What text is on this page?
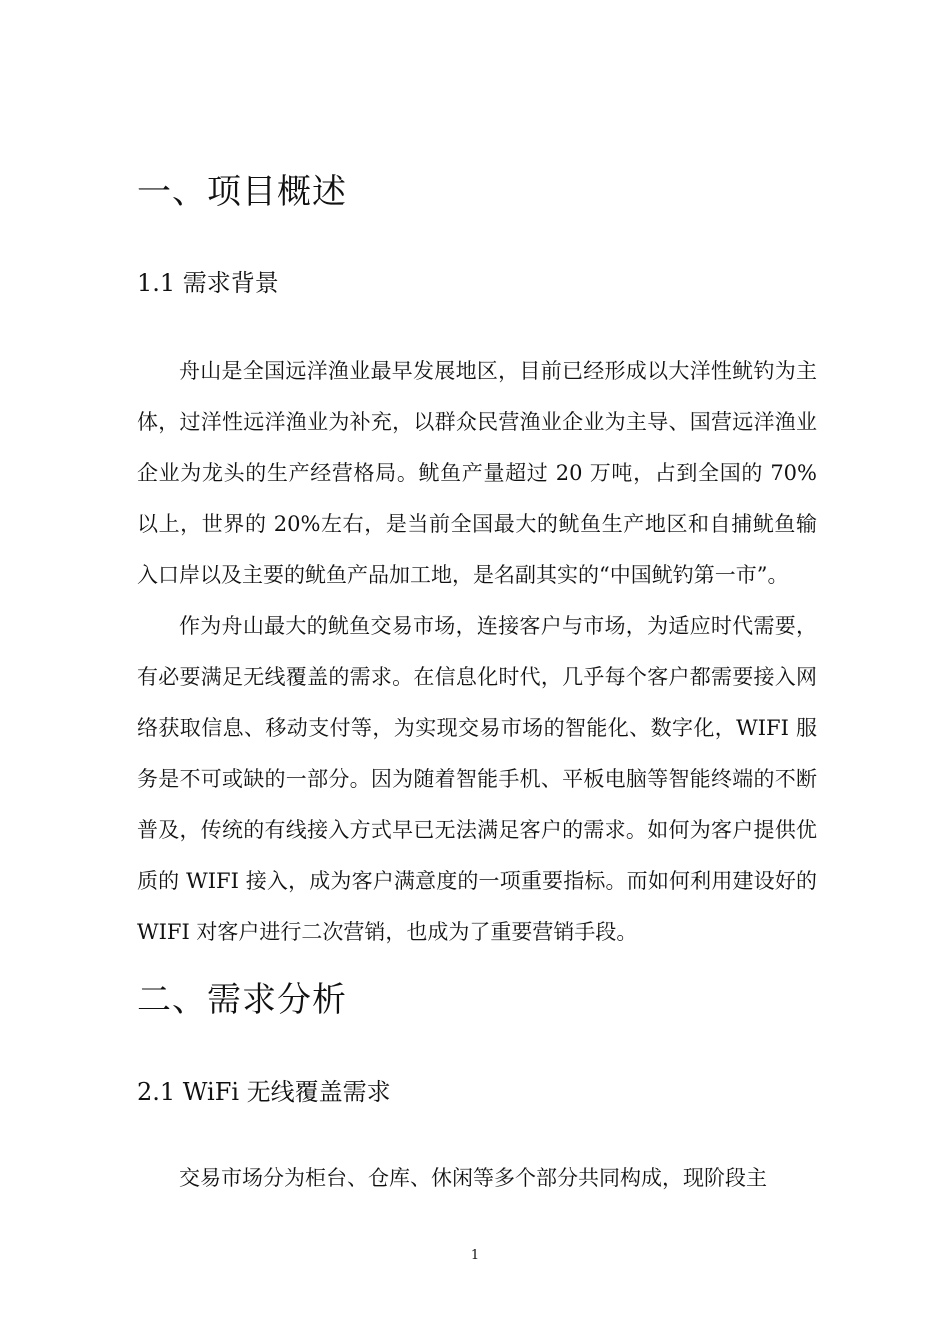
一、项目概述
1.1 需求背景

舟山是全国远洋渔业最早发展地区，目前已经形成以大洋性鱿钓为主体，过洋性远洋渔业为补充，以群众民营渔业企业为主导、国营远洋渔业企业为龙头的生产经营格局。鱿鱼产量超过 20 万吨，占到全国的 70%以上，世界的 20%左右，是当前全国最大的鱿鱼生产地区和自捕鱿鱼输入口岸以及主要的鱿鱼产品加工地，是名副其实的“中国鱿钓第一市”。

作为舟山最大的鱿鱼交易市场，连接客户与市场，为适应时代需要，有必要满足无线覆盖的需求。在信息化时代，几乎每个客户都需要接入网络获取信息、移动支付等，为实现交易市场的智能化、数字化，WIFI 服务是不可或缺的一部分。因为随着智能手机、平板电脑等智能终端的不断普及，传统的有线接入方式早已无法满足客户的需求。如何为客户提供优质的 WIFI 接入，成为客户满意度的一项重要指标。而如何利用建设好的 WIFI 对客户进行二次营销，也成为了重要营销手段。

二、需求分析
2.1 WiFi 无线覆盖需求

交易市场分为柜台、仓库、休闲等多个部分共同构成，现阶段主

1
